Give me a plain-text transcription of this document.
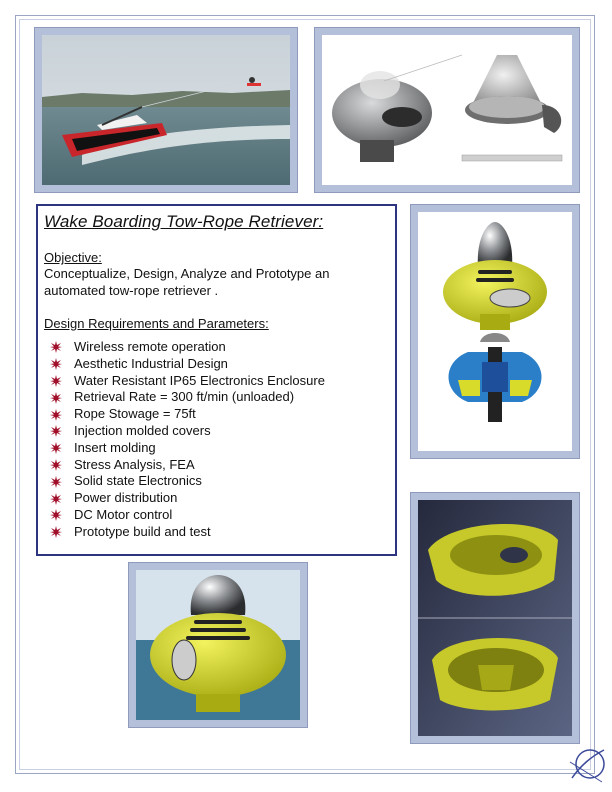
Wake Boarding Tow-Rope Retriever:
Objective:

Conceptualize, Design, Analyze and Prototype an automated tow-rope retriever .

Design Requirements and Parameters:
Wireless remote operation
Aesthetic Industrial Design
Water Resistant IP65 Electronics Enclosure
Retrieval Rate = 300 ft/min (unloaded)
Rope Stowage = 75ft
Injection molded covers
Insert molding
Stress Analysis, FEA
Solid state Electronics
Power distribution
DC Motor control
Prototype build and test
